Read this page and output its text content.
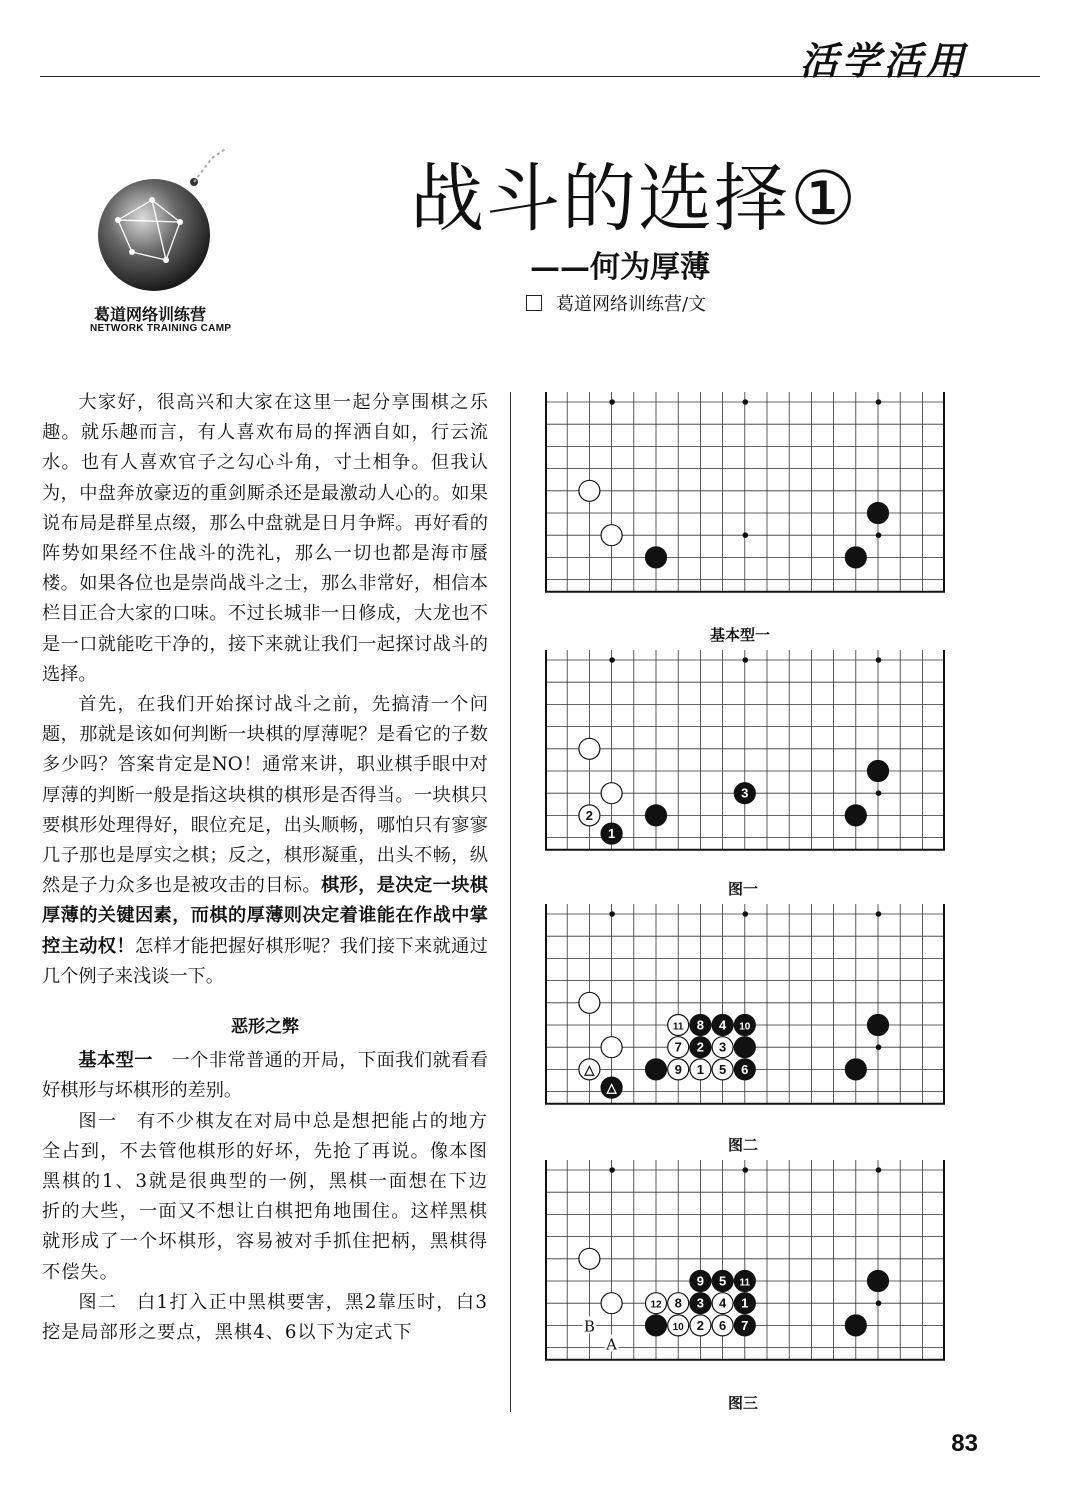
活学活用
葛道网络训练营
NETWORK TRAINING CAMP
战斗的选择①
——何为厚薄
葛道网络训练营/文

大家好，很高兴和大家在这里一起分享围棋之乐趣。就乐趣而言，有人喜欢布局的挥洒自如，行云流水。也有人喜欢官子之勾心斗角，寸土相争。但我认为，中盘奔放豪迈的重剑厮杀还是最激动人心的。如果说布局是群星点缀，那么中盘就是日月争辉。再好看的阵势如果经不住战斗的洗礼，那么一切也都是海市蜃楼。如果各位也是崇尚战斗之士，那么非常好，相信本栏目正合大家的口味。不过长城非一日修成，大龙也不是一口就能吃干净的，接下来就让我们一起探讨战斗的选择。

首先，在我们开始探讨战斗之前，先搞清一个问题，那就是该如何判断一块棋的厚薄呢？是看它的子数多少吗？答案肯定是NO！通常来讲，职业棋手眼中对厚薄的判断一般是指这块棋的棋形是否得当。一块棋只要棋形处理得好，眼位充足，出头顺畅，哪怕只有寥寥几子那也是厚实之棋；反之，棋形凝重，出头不畅，纵然是子力众多也是被攻击的目标。棋形，是决定一块棋厚薄的关键因素，而棋的厚薄则决定着谁能在作战中掌控主动权！怎样才能把握好棋形呢？我们接下来就通过几个例子来浅谈一下。

恶形之弊

基本型一　一个非常普通的开局，下面我们就看看好棋形与坏棋形的差别。

图一　有不少棋友在对局中总是想把能占的地方全占到，不去管他棋形的好坏，先抢了再说。像本图黑棋的1、3就是很典型的一例，黑棋一面想在下边折的大些，一面又不想让白棋把角地围住。这样黑棋就形成了一个坏棋形，容易被对手抓住把柄，黑棋得不偿失。

图二　白1打入正中黑棋要害，黑2靠压时，白3挖是局部形之要点，黑棋4、6以下为定式下

基本型一
1
2
3
图一
△
△	9 1 5 6
7 2 3
11 8 4 10
图二
10 2 6 7
12 8 3 4 1
9 5 11
B
A
图三
83
